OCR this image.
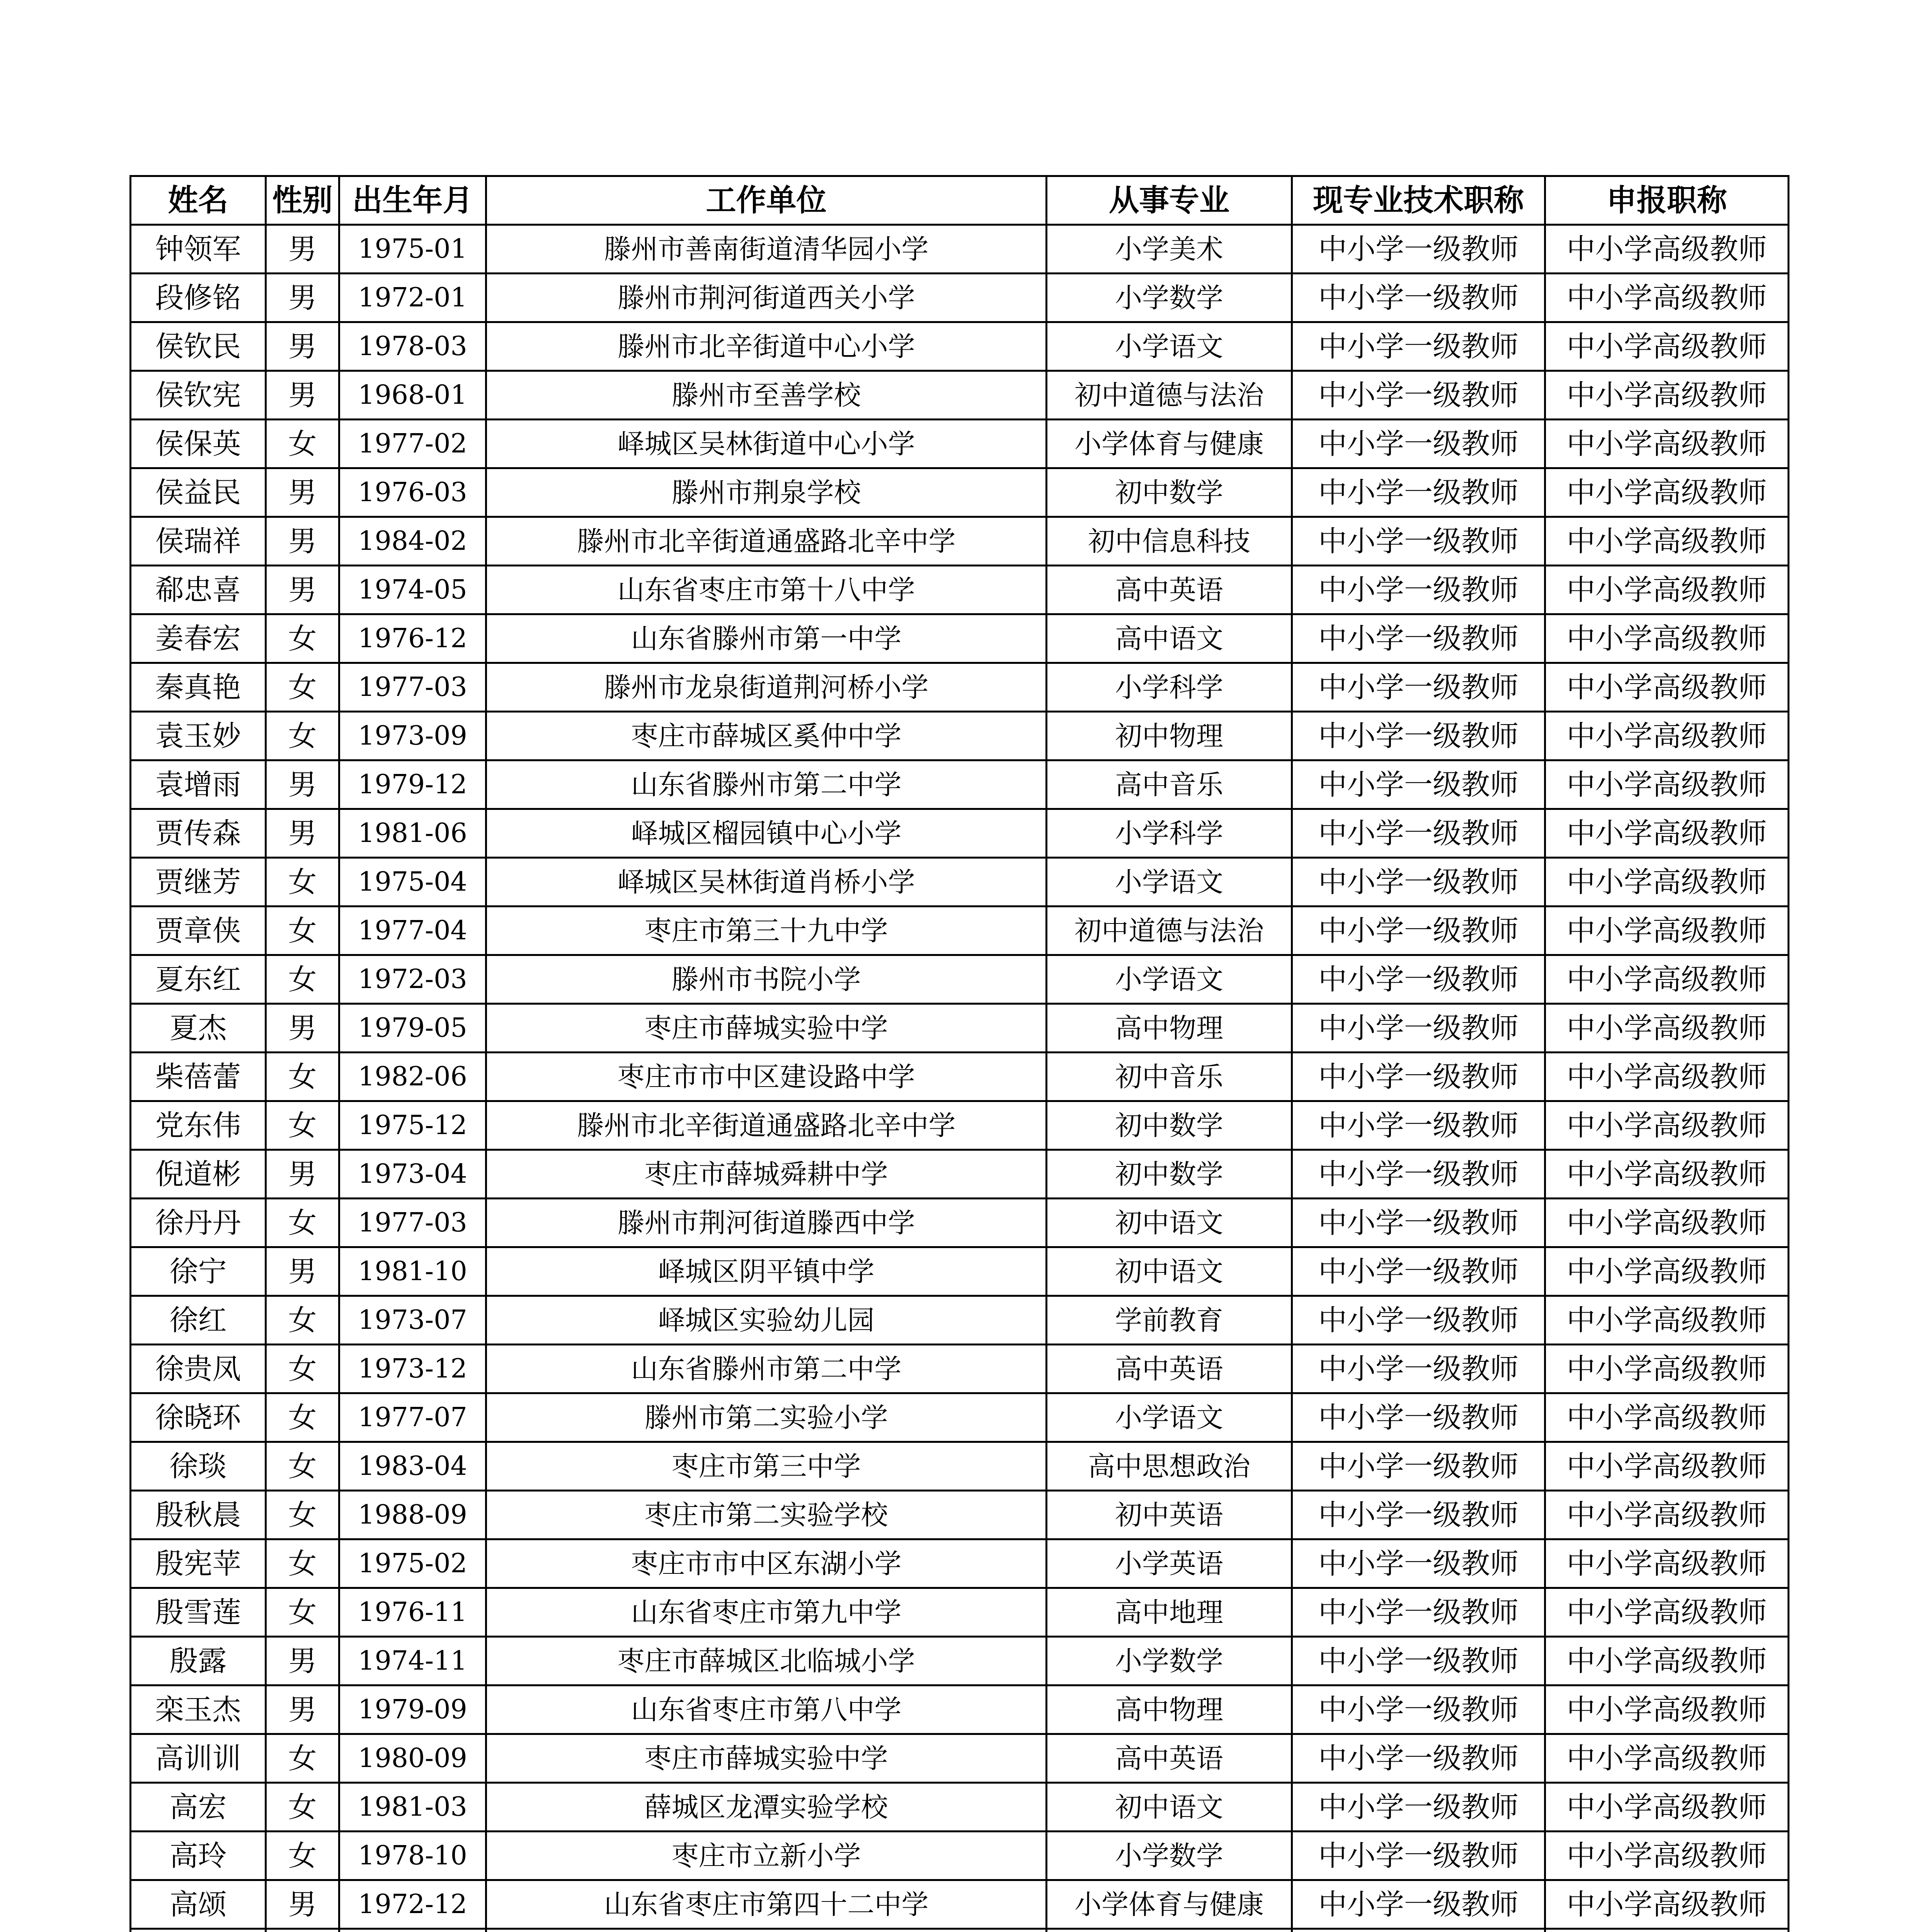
姓名	性别	出生年月	工作单位	从事专业	现专业技术职称	申报职称
钟领军	男	1975-01	滕州市善南街道清华园小学	小学美术	中小学一级教师	中小学高级教师
段修铭	男	1972-01	滕州市荆河街道西关小学	小学数学	中小学一级教师	中小学高级教师
侯钦民	男	1978-03	滕州市北辛街道中心小学	小学语文	中小学一级教师	中小学高级教师
侯钦宪	男	1968-01	滕州市至善学校	初中道德与法治	中小学一级教师	中小学高级教师
侯保英	女	1977-02	峄城区吴林街道中心小学	小学体育与健康	中小学一级教师	中小学高级教师
侯益民	男	1976-03	滕州市荆泉学校	初中数学	中小学一级教师	中小学高级教师
侯瑞祥	男	1984-02	滕州市北辛街道通盛路北辛中学	初中信息科技	中小学一级教师	中小学高级教师
郗忠喜	男	1974-05	山东省枣庄市第十八中学	高中英语	中小学一级教师	中小学高级教师
姜春宏	女	1976-12	山东省滕州市第一中学	高中语文	中小学一级教师	中小学高级教师
秦真艳	女	1977-03	滕州市龙泉街道荆河桥小学	小学科学	中小学一级教师	中小学高级教师
袁玉妙	女	1973-09	枣庄市薛城区奚仲中学	初中物理	中小学一级教师	中小学高级教师
袁增雨	男	1979-12	山东省滕州市第二中学	高中音乐	中小学一级教师	中小学高级教师
贾传森	男	1981-06	峄城区榴园镇中心小学	小学科学	中小学一级教师	中小学高级教师
贾继芳	女	1975-04	峄城区吴林街道肖桥小学	小学语文	中小学一级教师	中小学高级教师
贾章侠	女	1977-04	枣庄市第三十九中学	初中道德与法治	中小学一级教师	中小学高级教师
夏东红	女	1972-03	滕州市书院小学	小学语文	中小学一级教师	中小学高级教师
夏杰	男	1979-05	枣庄市薛城实验中学	高中物理	中小学一级教师	中小学高级教师
柴蓓蕾	女	1982-06	枣庄市市中区建设路中学	初中音乐	中小学一级教师	中小学高级教师
党东伟	女	1975-12	滕州市北辛街道通盛路北辛中学	初中数学	中小学一级教师	中小学高级教师
倪道彬	男	1973-04	枣庄市薛城舜耕中学	初中数学	中小学一级教师	中小学高级教师
徐丹丹	女	1977-03	滕州市荆河街道滕西中学	初中语文	中小学一级教师	中小学高级教师
徐宁	男	1981-10	峄城区阴平镇中学	初中语文	中小学一级教师	中小学高级教师
徐红	女	1973-07	峄城区实验幼儿园	学前教育	中小学一级教师	中小学高级教师
徐贵凤	女	1973-12	山东省滕州市第二中学	高中英语	中小学一级教师	中小学高级教师
徐晓环	女	1977-07	滕州市第二实验小学	小学语文	中小学一级教师	中小学高级教师
徐琰	女	1983-04	枣庄市第三中学	高中思想政治	中小学一级教师	中小学高级教师
殷秋晨	女	1988-09	枣庄市第二实验学校	初中英语	中小学一级教师	中小学高级教师
殷宪苹	女	1975-02	枣庄市市中区东湖小学	小学英语	中小学一级教师	中小学高级教师
殷雪莲	女	1976-11	山东省枣庄市第九中学	高中地理	中小学一级教师	中小学高级教师
殷露	男	1974-11	枣庄市薛城区北临城小学	小学数学	中小学一级教师	中小学高级教师
栾玉杰	男	1979-09	山东省枣庄市第八中学	高中物理	中小学一级教师	中小学高级教师
高训训	女	1980-09	枣庄市薛城实验中学	高中英语	中小学一级教师	中小学高级教师
高宏	女	1981-03	薛城区龙潭实验学校	初中语文	中小学一级教师	中小学高级教师
高玲	女	1978-10	枣庄市立新小学	小学数学	中小学一级教师	中小学高级教师
高颂	男	1972-12	山东省枣庄市第四十二中学	小学体育与健康	中小学一级教师	中小学高级教师
